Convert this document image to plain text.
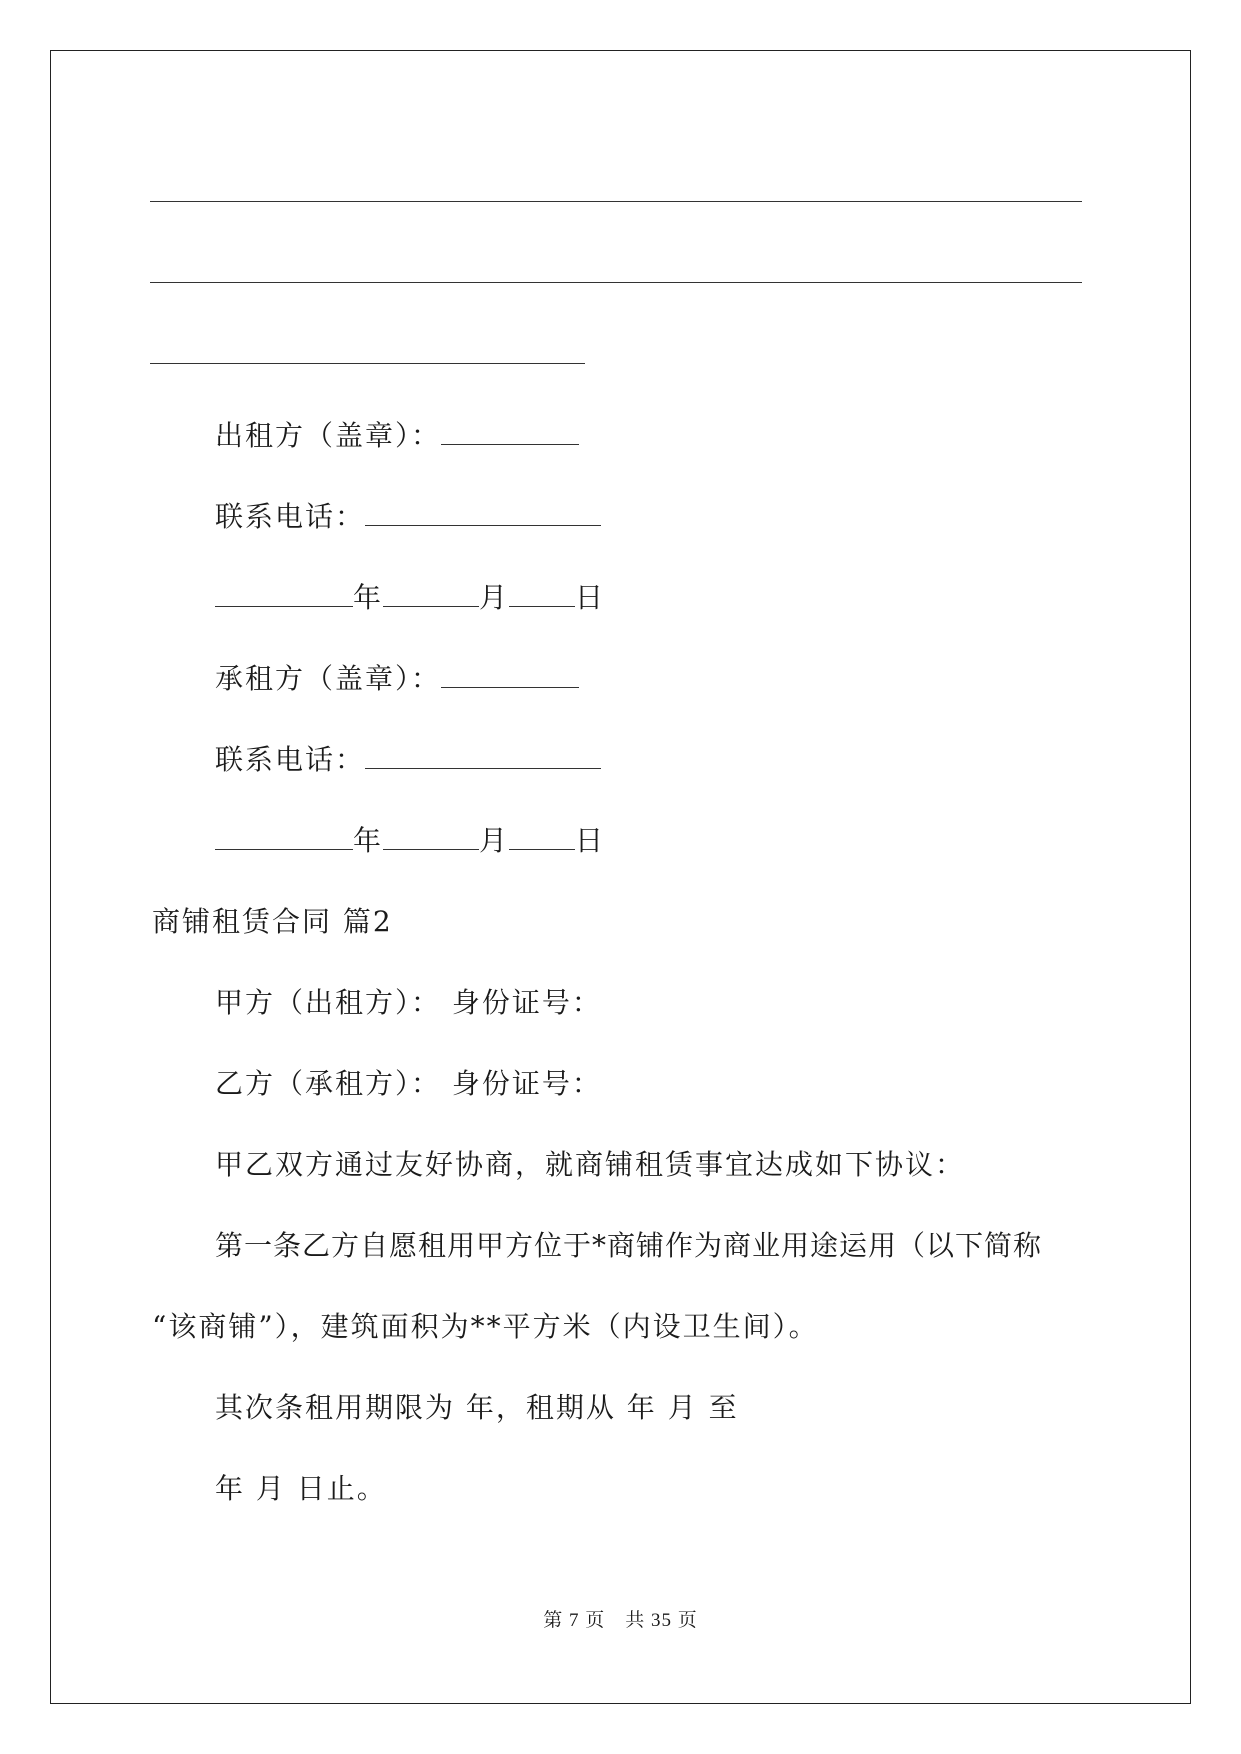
出租方（盖章）：
联系电话：
年	月 日
承租方（盖章）：
联系电话：
年	月 日
商铺租赁合同 篇2
甲方（出租方）： 身份证号：
乙方（承租方）： 身份证号：
甲乙双方通过友好协商，就商铺租赁事宜达成如下协议：
第一条乙方自愿租用甲方位于*商铺作为商业用途运用（以下简称
“该商铺”），建筑面积为**平方米（内设卫生间）。
其次条租用期限为 年，租期从 年 月 至
年 月 日止。
第 7 页　共 35 页
